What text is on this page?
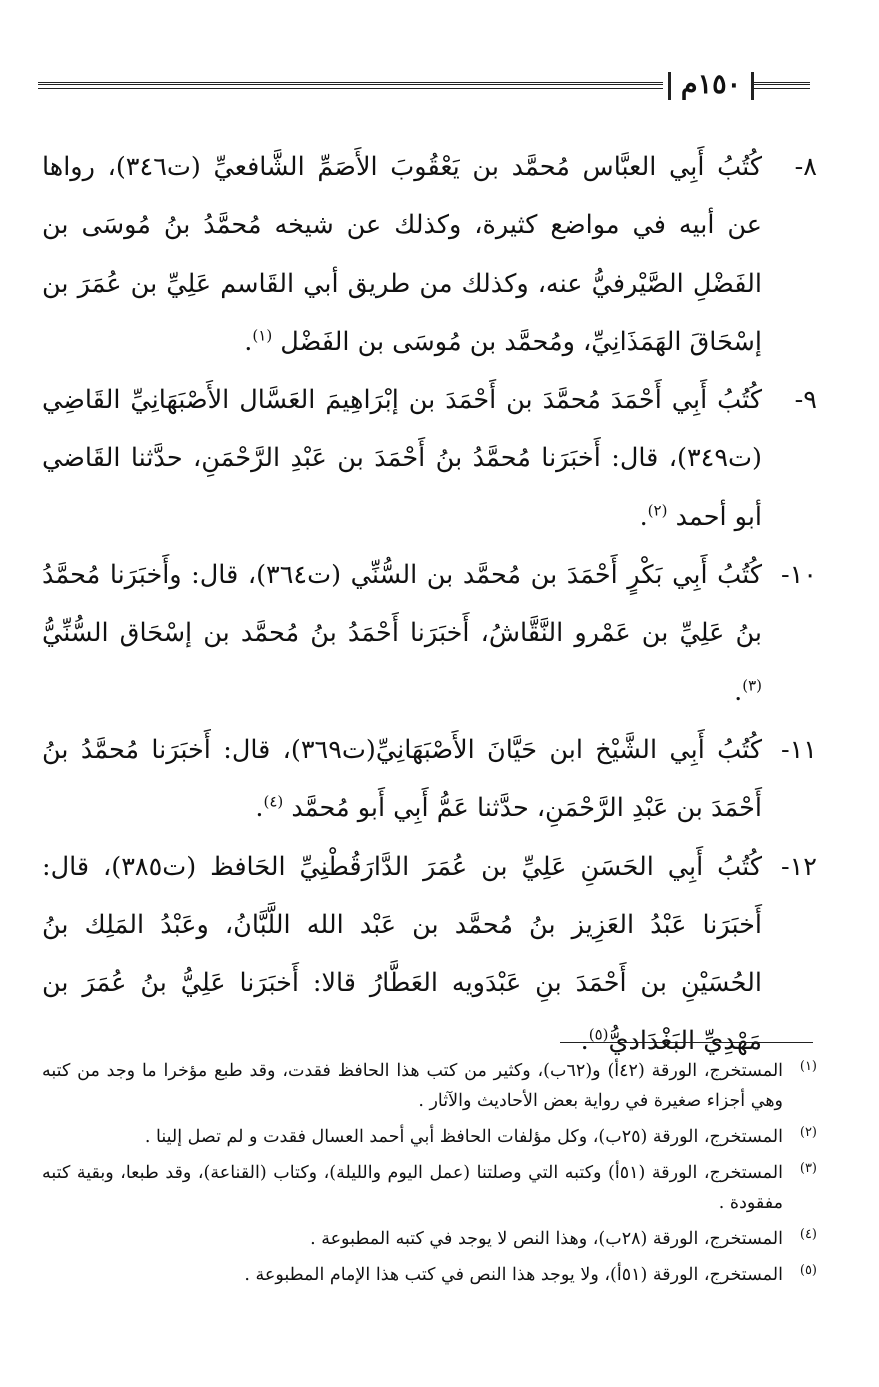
١٥٠م

٨-
كُتُبُ أَبِي العبَّاس مُحمَّد بن يَعْقُوبَ الأَصَمِّ الشَّافعيِّ (ت٣٤٦)، رواها عن أبيه في مواضع كثيرة، وكذلك عن شيخه مُحمَّدُ بنُ مُوسَى بن الفَضْلِ الصَّيْرفيُّ عنه، وكذلك من طريق أبي القَاسم عَلِيِّ بن عُمَرَ بن إسْحَاقَ الهَمَذَانِيِّ، ومُحمَّد بن مُوسَى بن الفَضْل $^{(١)}$.

٩-
كُتُبُ أَبِي أَحْمَدَ مُحمَّدَ بن أَحْمَدَ بن إبْرَاهِيمَ العَسَّال الأَصْبَهَانِيِّ القَاضِي (ت٣٤٩)، قال: أَخبَرَنا مُحمَّدُ بنُ أَحْمَدَ بن عَبْدِ الرَّحْمَنِ، حدَّثنا القَاضي أبو أحمد $^{(٢)}$.

١٠-
كُتُبُ أَبِي بَكْرٍ أَحْمَدَ بن مُحمَّد بن السُّنِّي (ت٣٦٤)، قال: وأَخبَرَنا مُحمَّدُ بنُ عَلِيِّ بن عَمْرو النَّقَّاشُ، أَخبَرَنا أَحْمَدُ بنُ مُحمَّد بن إسْحَاق السُّنِّيُّ $^{(٣)}$.

١١-
كُتُبُ أَبِي الشَّيْخ ابن حَيَّانَ الأَصْبَهَانِيِّ(ت٣٦٩)، قال: أَخبَرَنا مُحمَّدُ بنُ أَحْمَدَ بن عَبْدِ الرَّحْمَنِ، حدَّثنا عَمُّ أَبِي أَبو مُحمَّد $^{(٤)}$.

١٢-
كُتُبُ أَبِي الحَسَنِ عَلِيِّ بن عُمَرَ الدَّارَقُطْنِيِّ الحَافظ (ت٣٨٥)، قال: أَخبَرَنا عَبْدُ العَزِيز بنُ مُحمَّد بن عَبْد الله اللَّبَّانُ، وعَبْدُ المَلِك بنُ الحُسَيْنِ بن أَحْمَدَ بنِ عَبْدَويه العَطَّارُ قالا: أَخبَرَنا عَلِيُّ بنُ عُمَرَ بن مَهْدِيِّ البَغْدَاديُّ$^{(٥)}$.

(١)
المستخرج، الورقة (٤٢أ) و(٦٢ب)، وكثير من كتب هذا الحافظ فقدت، وقد طبع مؤخرا ما وجد من كتبه وهي أجزاء صغيرة في رواية بعض الأحاديث والآثار .

(٢)
المستخرج، الورقة (٢٥ب)، وكل مؤلفات الحافظ أبي أحمد العسال فقدت و لم تصل إلينا .

(٣)
المستخرج، الورقة (٥١أ) وكتبه التي وصلتنا (عمل اليوم والليلة)، وكتاب (القناعة)، وقد طبعا، وبقية كتبه مفقودة .

(٤)
المستخرج، الورقة (٢٨ب)، وهذا النص لا يوجد في كتبه المطبوعة .

(٥)
المستخرج، الورقة (٥١أ)، ولا يوجد هذا النص في كتب هذا الإمام المطبوعة .
